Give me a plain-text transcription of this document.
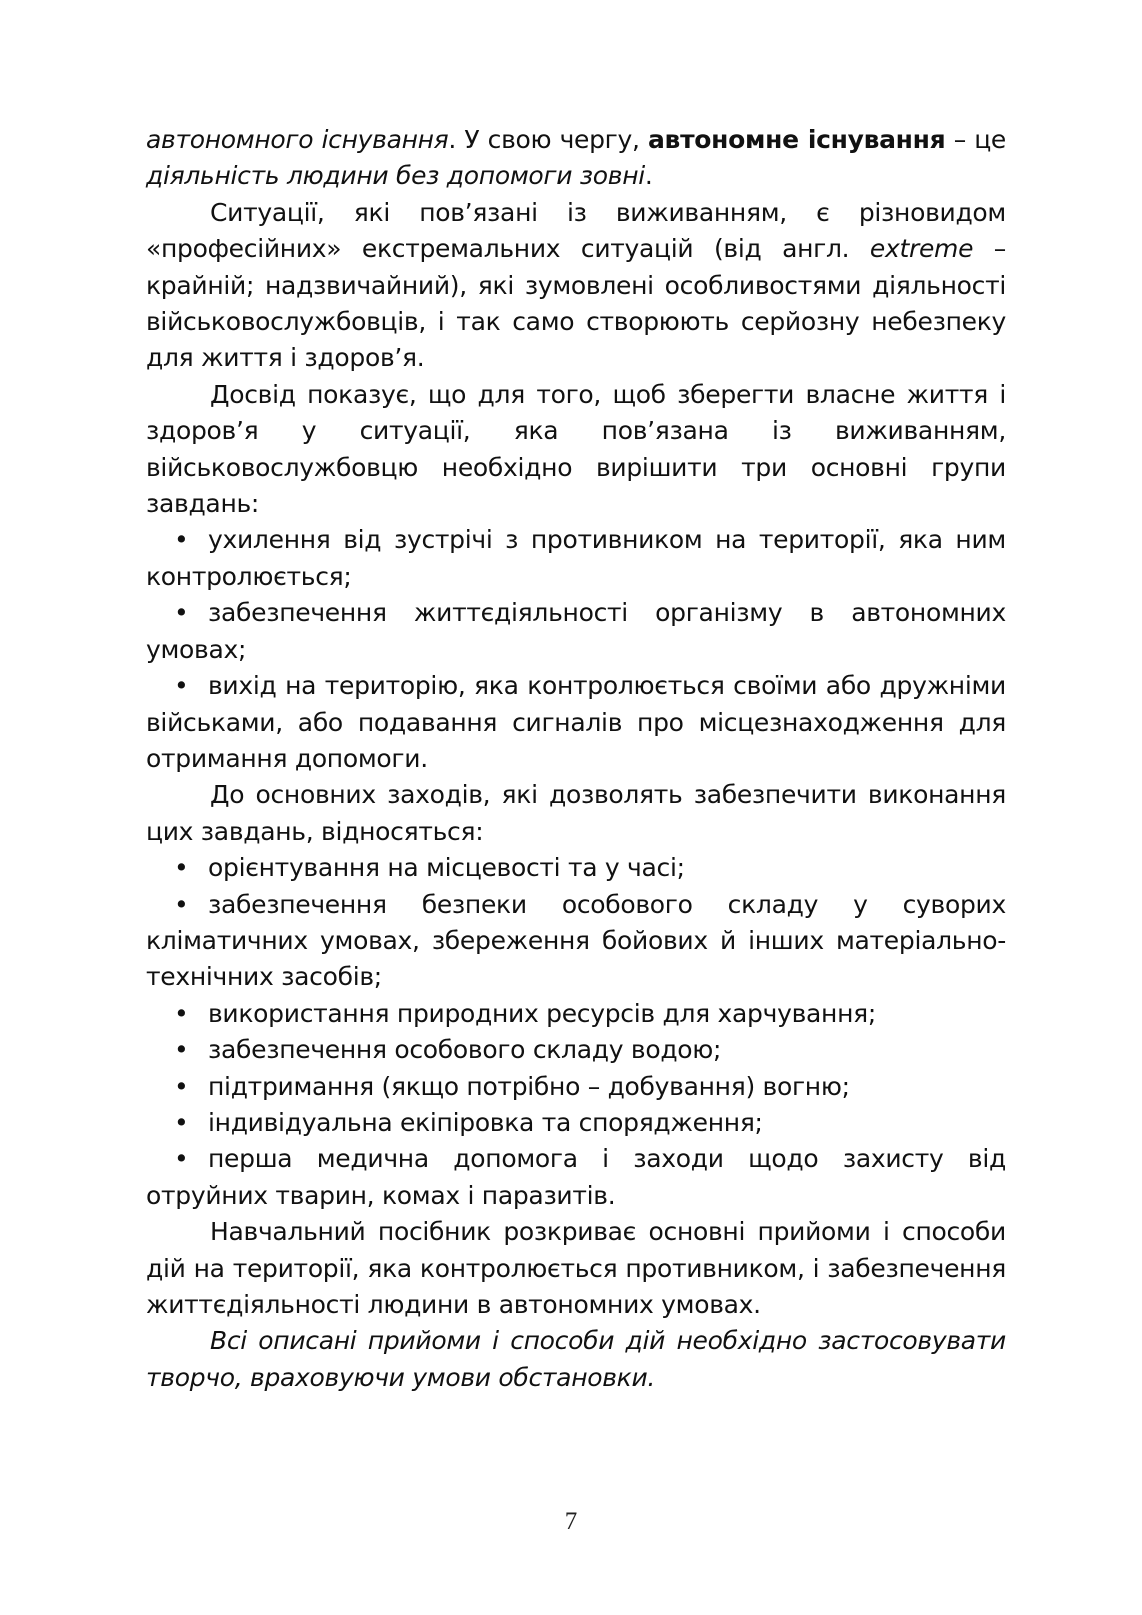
автономного існування. У свою чергу, автономне існування – це діяльність людини без допомоги зовні.

Ситуації, які пов’язані із виживанням, є різновидом «професійних» екстремальних ситуацій (від англ. extreme – крайній; надзвичайний), які зумовлені особливостями діяльності військовослужбовців, і так само створюють серйозну небезпеку для життя і здоров’я.

Досвід показує, що для того, щоб зберегти власне життя і здоров’я у ситуації, яка пов’язана із виживанням, військовослужбовцю необхідно вирішити три основні групи завдань:

• ухилення від зустрічі з противником на території, яка ним контролюється;
• забезпечення життєдіяльності організму в автономних умовах;
• вихід на територію, яка контролюється своїми або дружніми військами, або подавання сигналів про місцезнаходження для отримання допомоги.

До основних заходів, які дозволять забезпечити виконання цих завдань, відносяться:

• орієнтування на місцевості та у часі;
• забезпечення безпеки особового складу у суворих кліматичних умовах, збереження бойових й інших матеріально-технічних засобів;
• використання природних ресурсів для харчування;
• забезпечення особового складу водою;
• підтримання (якщо потрібно – добування) вогню;
• індивідуальна екіпіровка та спорядження;
• перша медична допомога і заходи щодо захисту від отруйних тварин, комах і паразитів.

Навчальний посібник розкриває основні прийоми і способи дій на території, яка контролюється противником, і забезпечення життєдіяльності людини в автономних умовах.

Всі описані прийоми і способи дій необхідно застосовувати творчо, враховуючи умови обстановки.

7
